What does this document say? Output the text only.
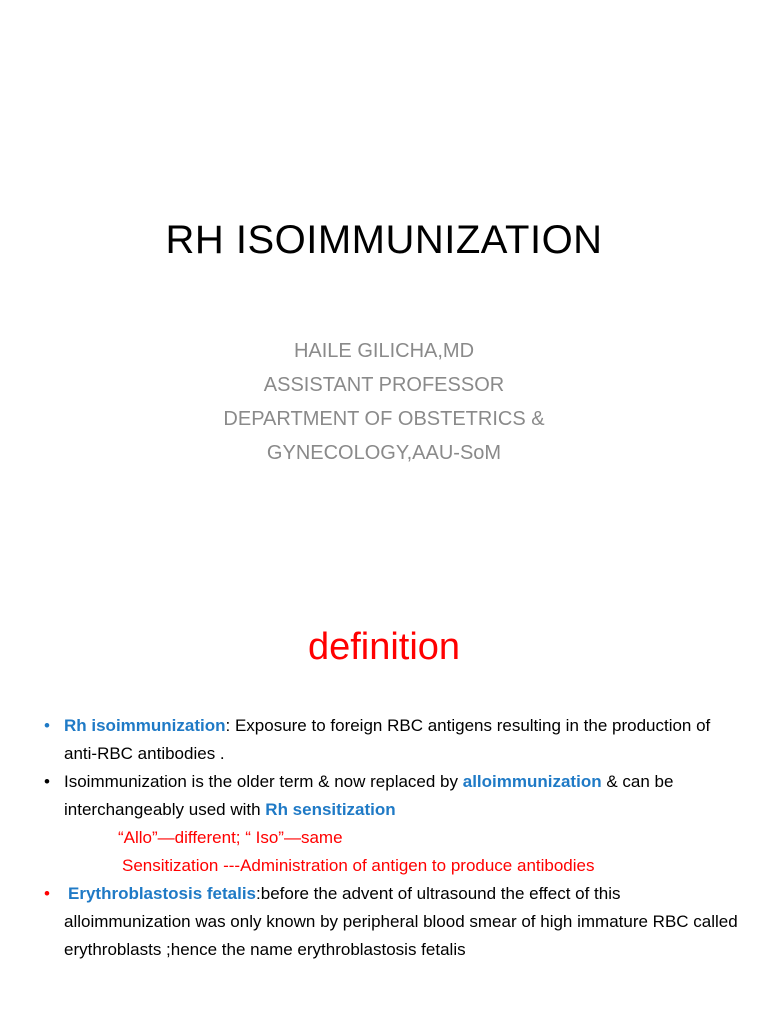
RH ISOIMMUNIZATION
HAILE GILICHA,MD
ASSISTANT PROFESSOR
DEPARTMENT OF OBSTETRICS &
GYNECOLOGY,AAU-SoM
definition
• Rh isoimmunization: Exposure to foreign RBC antigens resulting in the production of anti-RBC antibodies .
• Isoimmunization is the older term & now replaced by alloimmunization & can be interchangeably used with Rh sensitization
“Allo”—different; “ Iso”—same
Sensitization ---Administration of antigen to produce antibodies
• Erythroblastosis fetalis:before the advent of ultrasound the effect of this alloimmunization was only known by peripheral blood smear of high immature RBC called erythroblasts ;hence the name erythroblastosis fetalis
